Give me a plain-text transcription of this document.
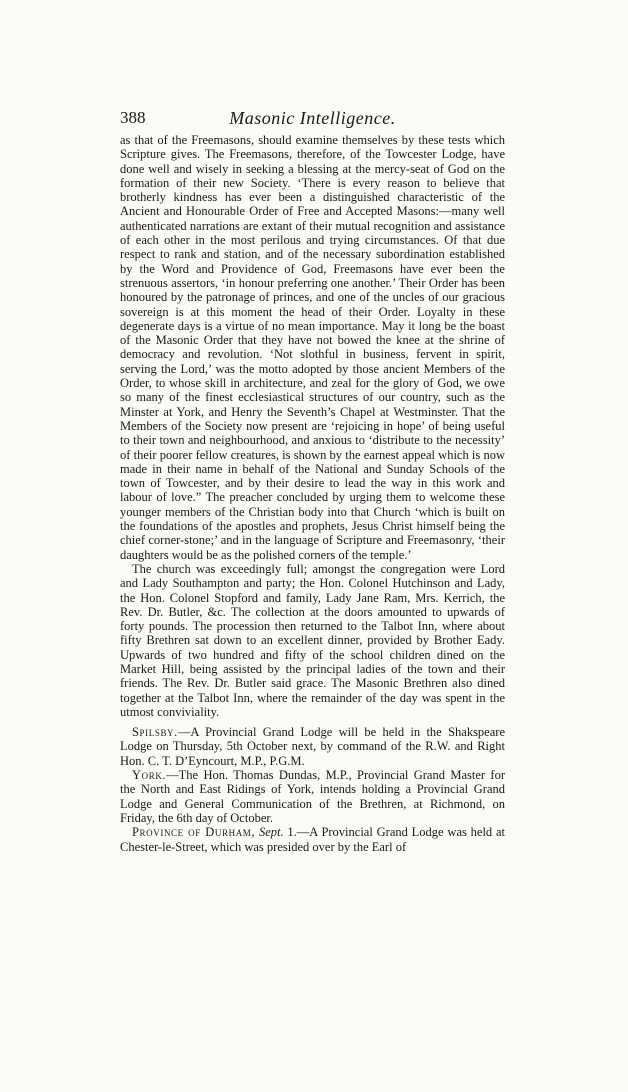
388	Masonic Intelligence.

as that of the Freemasons, should examine themselves by these tests which Scripture gives. The Freemasons, therefore, of the Towcester Lodge, have done well and wisely in seeking a blessing at the mercy-seat of God on the formation of their new Society. ‘There is every reason to believe that brotherly kindness has ever been a distinguished characteristic of the Ancient and Honourable Order of Free and Accepted Masons:—many well authenticated narrations are extant of their mutual recognition and assistance of each other in the most perilous and trying circumstances. Of that due respect to rank and station, and of the necessary subordination established by the Word and Providence of God, Freemasons have ever been the strenuous assertors, ‘in honour preferring one another.’ Their Order has been honoured by the patronage of princes, and one of the uncles of our gracious sovereign is at this moment the head of their Order. Loyalty in these degenerate days is a virtue of no mean importance. May it long be the boast of the Masonic Order that they have not bowed the knee at the shrine of democracy and revolution. ‘Not slothful in business, fervent in spirit, serving the Lord,’ was the motto adopted by those ancient Members of the Order, to whose skill in architecture, and zeal for the glory of God, we owe so many of the finest ecclesiastical structures of our country, such as the Minster at York, and Henry the Seventh’s Chapel at Westminster. That the Members of the Society now present are ‘rejoicing in hope’ of being useful to their town and neighbourhood, and anxious to ‘distribute to the necessity’ of their poorer fellow creatures, is shown by the earnest appeal which is now made in their name in behalf of the National and Sunday Schools of the town of Towcester, and by their desire to lead the way in this work and labour of love.” The preacher concluded by urging them to welcome these younger members of the Christian body into that Church ‘which is built on the foundations of the apostles and prophets, Jesus Christ himself being the chief corner-stone;’ and in the language of Scripture and Freemasonry, ‘their daughters would be as the polished corners of the temple.’

The church was exceedingly full; amongst the congregation were Lord and Lady Southampton and party; the Hon. Colonel Hutchinson and Lady, the Hon. Colonel Stopford and family, Lady Jane Ram, Mrs. Kerrich, the Rev. Dr. Butler, &c. The collection at the doors amounted to upwards of forty pounds. The procession then returned to the Talbot Inn, where about fifty Brethren sat down to an excellent dinner, provided by Brother Eady. Upwards of two hundred and fifty of the school children dined on the Market Hill, being assisted by the principal ladies of the town and their friends. The Rev. Dr. Butler said grace. The Masonic Brethren also dined together at the Talbot Inn, where the remainder of the day was spent in the utmost conviviality.

Spilsby.—A Provincial Grand Lodge will be held in the Shakspeare Lodge on Thursday, 5th October next, by command of the R.W. and Right Hon. C. T. D’Eyncourt, M.P., P.G.M.

York.—The Hon. Thomas Dundas, M.P., Provincial Grand Master for the North and East Ridings of York, intends holding a Provincial Grand Lodge and General Communication of the Brethren, at Richmond, on Friday, the 6th day of October.

Province of Durham, Sept. 1.—A Provincial Grand Lodge was held at Chester-le-Street, which was presided over by the Earl of
